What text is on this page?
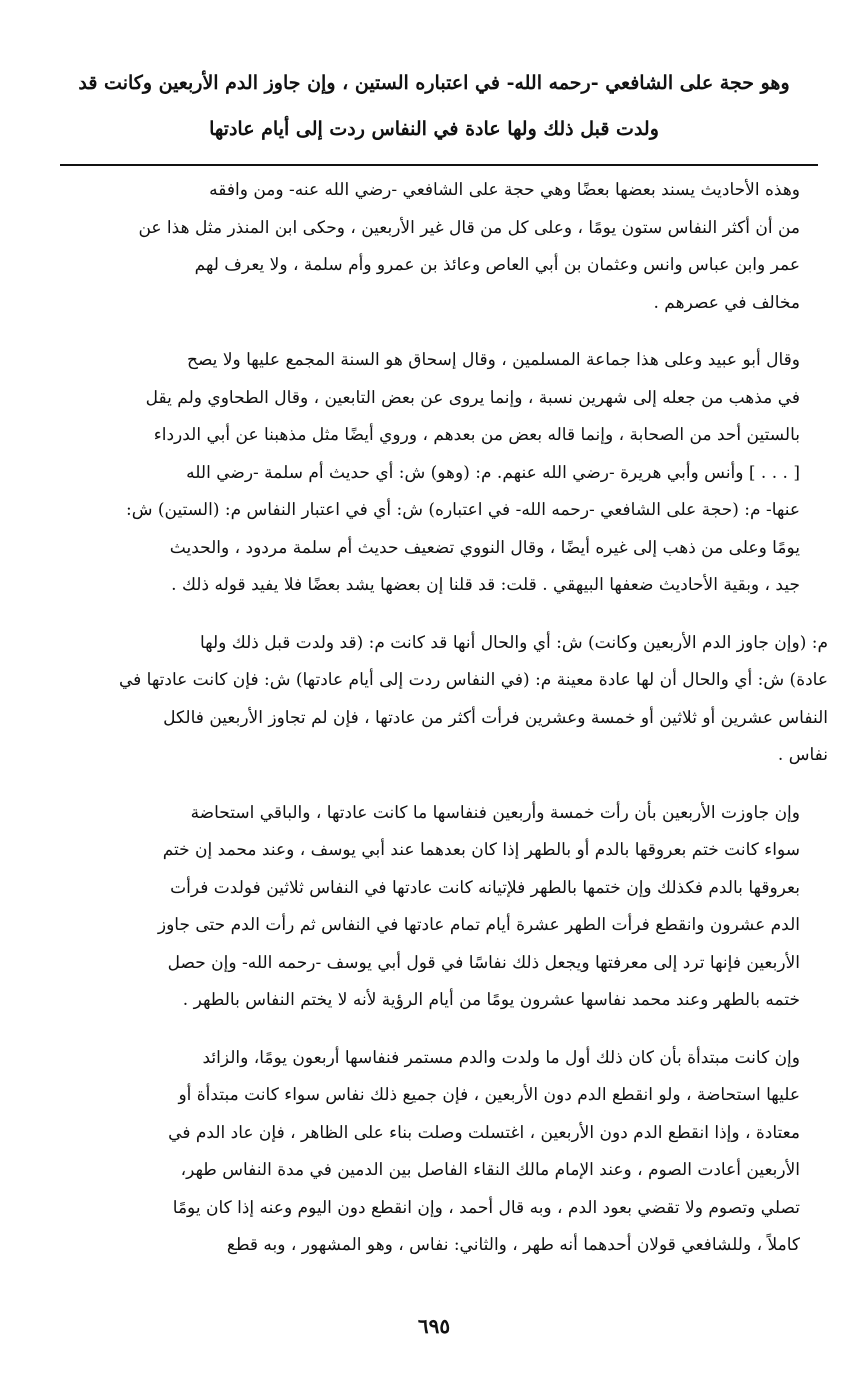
وهو حجة على الشافعي -رحمه الله- في اعتباره الستين ، وإن جاوز الدم الأربعين وكانت قد
ولدت قبل ذلك ولها عادة في النفاس ردت إلى أيام عادتها

وهذه الأحاديث يسند بعضها بعضًا وهي حجة على الشافعي -رضي الله عنه- ومن وافقه
من أن أكثر النفاس ستون يومًا ، وعلى كل من قال غير الأربعين ، وحكى ابن المنذر مثل هذا عن
عمر وابن عباس وانس وعثمان بن أبي العاص وعائذ بن عمرو وأم سلمة ، ولا يعرف لهم
مخالف في عصرهم .

وقال أبو عبيد وعلى هذا جماعة المسلمين ، وقال إسحاق هو السنة المجمع عليها ولا يصح
في مذهب من جعله إلى شهرين نسبة ، وإنما يروى عن بعض التابعين ، وقال الطحاوي ولم يقل
بالستين أحد من الصحابة ، وإنما قاله بعض من بعدهم ، وروي أيضًا مثل مذهبنا عن أبي الدرداء
[ . . . ] وأنس وأبي هريرة -رضي الله عنهم. م: (وهو) ش: أي حديث أم سلمة -رضي الله
عنها- م: (حجة على الشافعي -رحمه الله- في اعتباره) ش: أي في اعتبار النفاس م: (الستين) ش:
يومًا وعلى من ذهب إلى غيره أيضًا ، وقال النووي تضعيف حديث أم سلمة مردود ، والحديث
جيد ، وبقية الأحاديث ضعفها البيهقي . قلت: قد قلنا إن بعضها يشد بعضًا فلا يفيد قوله ذلك .

م: (وإن جاوز الدم الأربعين وكانت) ش: أي والحال أنها قد كانت م: (قد ولدت قبل ذلك ولها
عادة) ش: أي والحال أن لها عادة معينة م: (في النفاس ردت إلى أيام عادتها) ش: فإن كانت عادتها في
النفاس عشرين أو ثلاثين أو خمسة وعشرين فرأت أكثر من عادتها ، فإن لم تجاوز الأربعين فالكل
نفاس .

وإن جاوزت الأربعين بأن رأت خمسة وأربعين فنفاسها ما كانت عادتها ، والباقي استحاضة
سواء كانت ختم بعروقها بالدم أو بالطهر إذا كان بعدهما عند أبي يوسف ، وعند محمد إن ختم
بعروقها بالدم فكذلك وإن ختمها بالطهر فلإتيانه كانت عادتها في النفاس ثلاثين فولدت فرأت
الدم عشرون وانقطع فرأت الطهر عشرة أيام تمام عادتها في النفاس ثم رأت الدم حتى جاوز
الأربعين فإنها ترد إلى معرفتها ويجعل ذلك نفاسًا في قول أبي يوسف -رحمه الله- وإن حصل
ختمه بالطهر وعند محمد نفاسها عشرون يومًا من أيام الرؤية لأنه لا يختم النفاس بالطهر .

وإن كانت مبتدأة بأن كان ذلك أول ما ولدت والدم مستمر فنفاسها أربعون يومًا، والزائد
عليها استحاضة ، ولو انقطع الدم دون الأربعين ، فإن جميع ذلك نفاس سواء كانت مبتدأة أو
معتادة ، وإذا انقطع الدم دون الأربعين ، اغتسلت وصلت بناء على الظاهر ، فإن عاد الدم في
الأربعين أعادت الصوم ، وعند الإمام مالك النقاء الفاصل بين الدمين في مدة النفاس طهر،
تصلي وتصوم ولا تقضي بعود الدم ، وبه قال أحمد ، وإن انقطع دون اليوم وعنه إذا كان يومًا
كاملاً ، وللشافعي قولان أحدهما أنه طهر ، والثاني: نفاس ، وهو المشهور ، وبه قطع

٦٩٥
